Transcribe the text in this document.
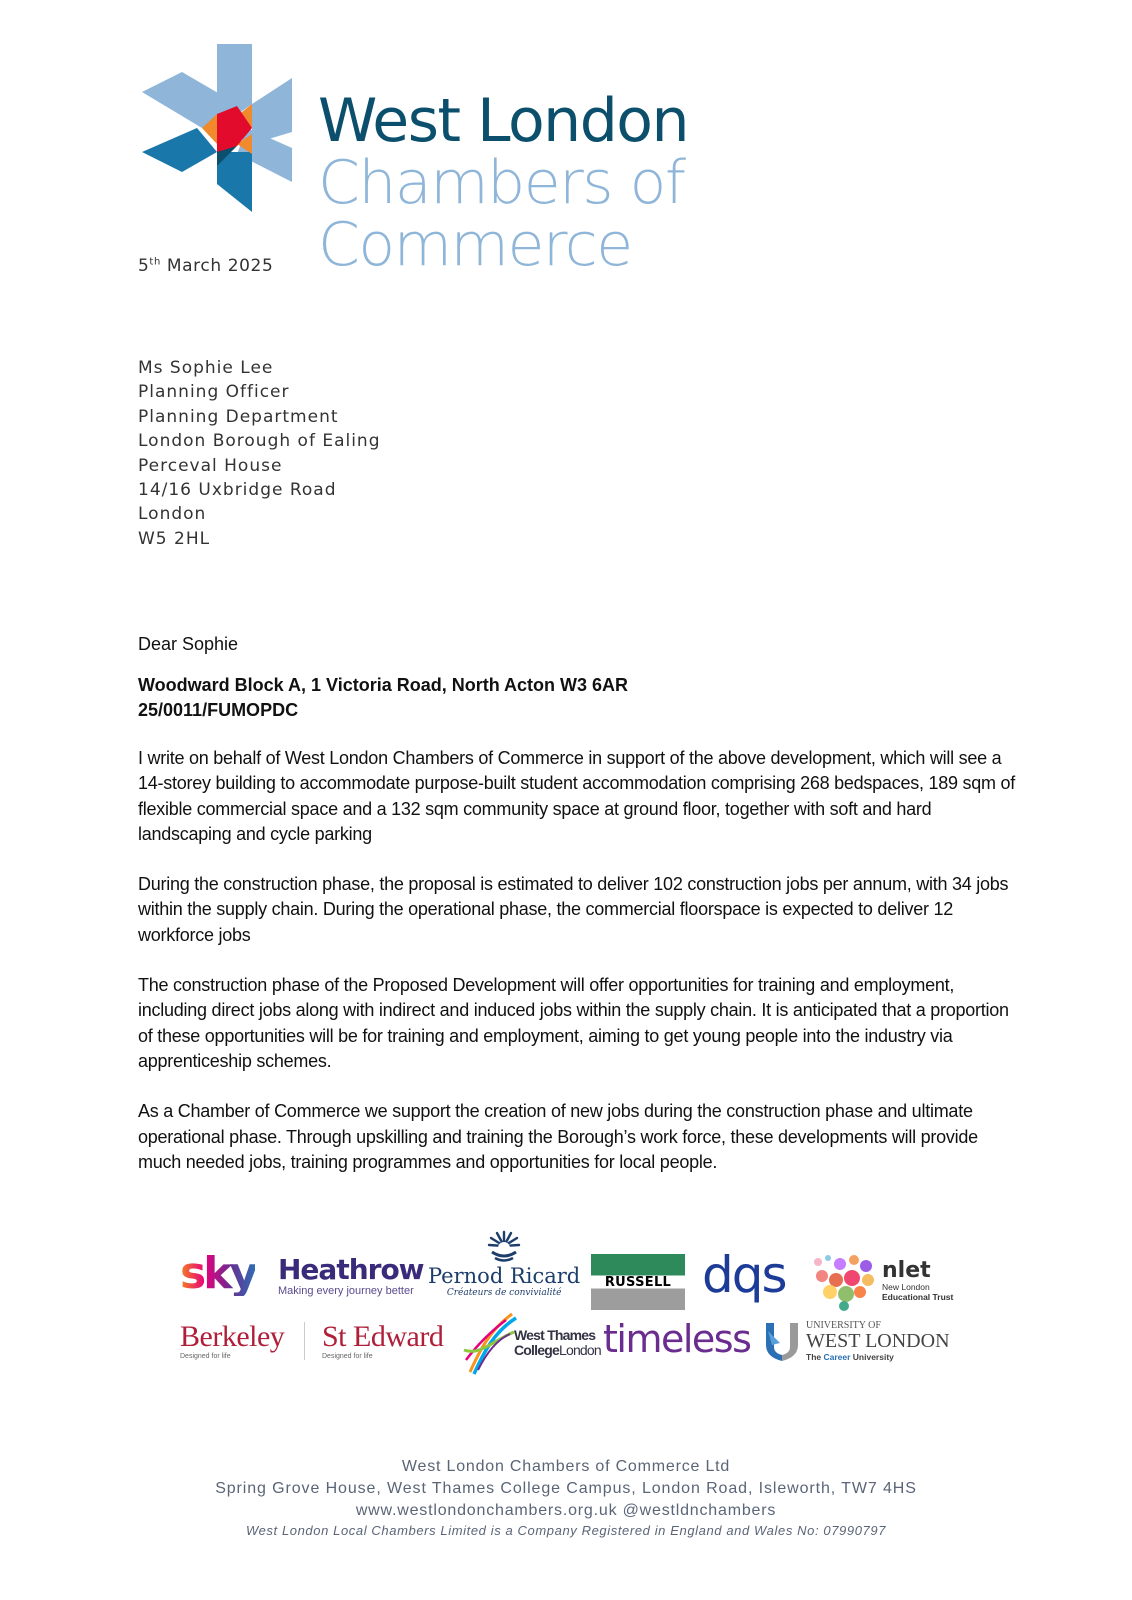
West London
Chambers of Commerce
5th March 2025
Ms Sophie Lee
Planning Officer
Planning Department
London Borough of Ealing
Perceval House
14/16 Uxbridge Road
London
W5 2HL

Dear Sophie

Woodward Block A, 1 Victoria Road, North Acton W3 6AR
25/0011/FUMOPDC

I write on behalf of West London Chambers of Commerce in support of the above development, which will see a 14-storey building to accommodate purpose-built student accommodation comprising 268 bedspaces, 189 sqm of flexible commercial space and a 132 sqm community space at ground floor, together with soft and hard landscaping and cycle parking

During the construction phase, the proposal is estimated to deliver 102 construction jobs per annum, with 34 jobs within the supply chain. During the operational phase, the commercial floorspace is expected to deliver 12 workforce jobs

The construction phase of the Proposed Development will offer opportunities for training and employment, including direct jobs along with indirect and induced jobs within the supply chain. It is anticipated that a proportion of these opportunities will be for training and employment, aiming to get young people into the industry via apprenticeship schemes.

As a Chamber of Commerce we support the creation of new jobs during the construction phase and ultimate operational phase. Through upskilling and training the Borough’s work force, these developments will provide much needed jobs, training programmes and opportunities for local people.

sky Heathrow
Making every journey better
Pernod Ricard
Créateurs de convivialité
RUSSELL dqs	nlet
New London
Educational Trust
Berkeley
Designed for life
St Edward
Designed for life
West Thames
CollegeLondon timeless	UNIVERSITY OF
WEST LONDON
The Career University
West London Chambers of Commerce Ltd
Spring Grove House, West Thames College Campus, London Road, Isleworth, TW7 4HS
www.westlondonchambers.org.uk @westldnchambers
West London Local Chambers Limited is a Company Registered in England and Wales No: 07990797
